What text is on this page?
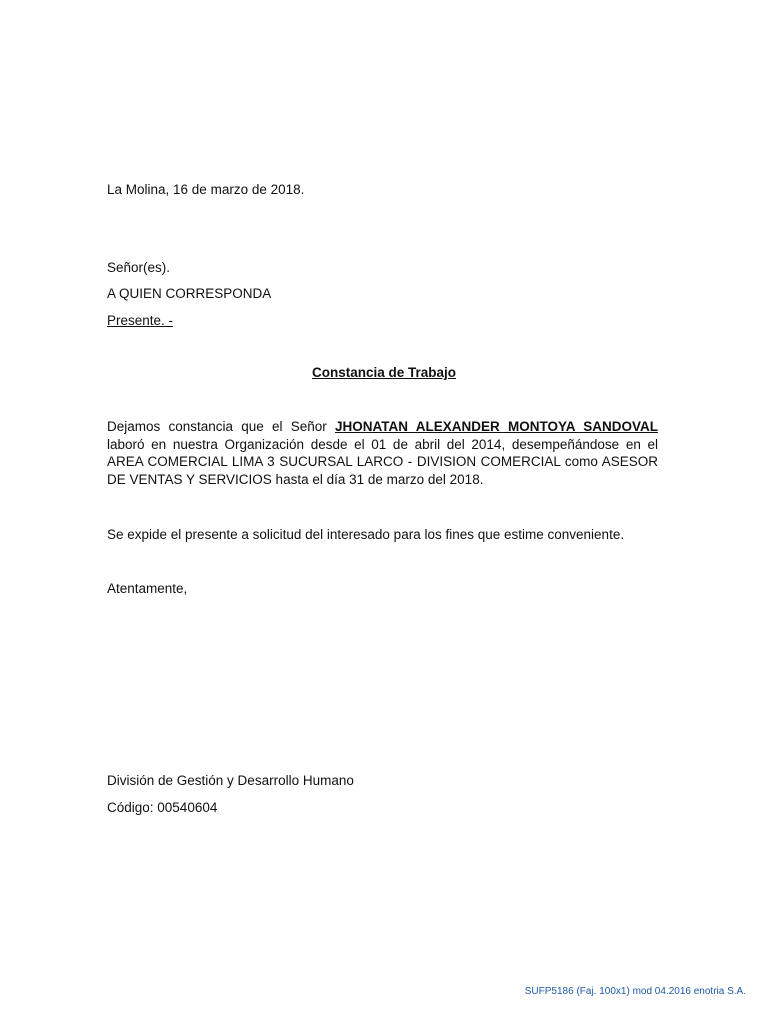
La Molina, 16 de marzo de 2018.
Señor(es).
A QUIEN CORRESPONDA
Presente. -
Constancia de Trabajo
Dejamos constancia que el Señor JHONATAN ALEXANDER MONTOYA SANDOVAL laboró en nuestra Organización desde el 01 de abril del 2014, desempeñándose en el AREA COMERCIAL LIMA 3 SUCURSAL LARCO - DIVISION COMERCIAL como ASESOR DE VENTAS Y SERVICIOS hasta el día 31 de marzo del 2018.
Se expide el presente a solicitud del interesado para los fines que estime conveniente.
Atentamente,
División de Gestión y Desarrollo Humano
Código: 00540604
SUFP5186 (Faj. 100x1) mod 04.2016 enotria S.A.
